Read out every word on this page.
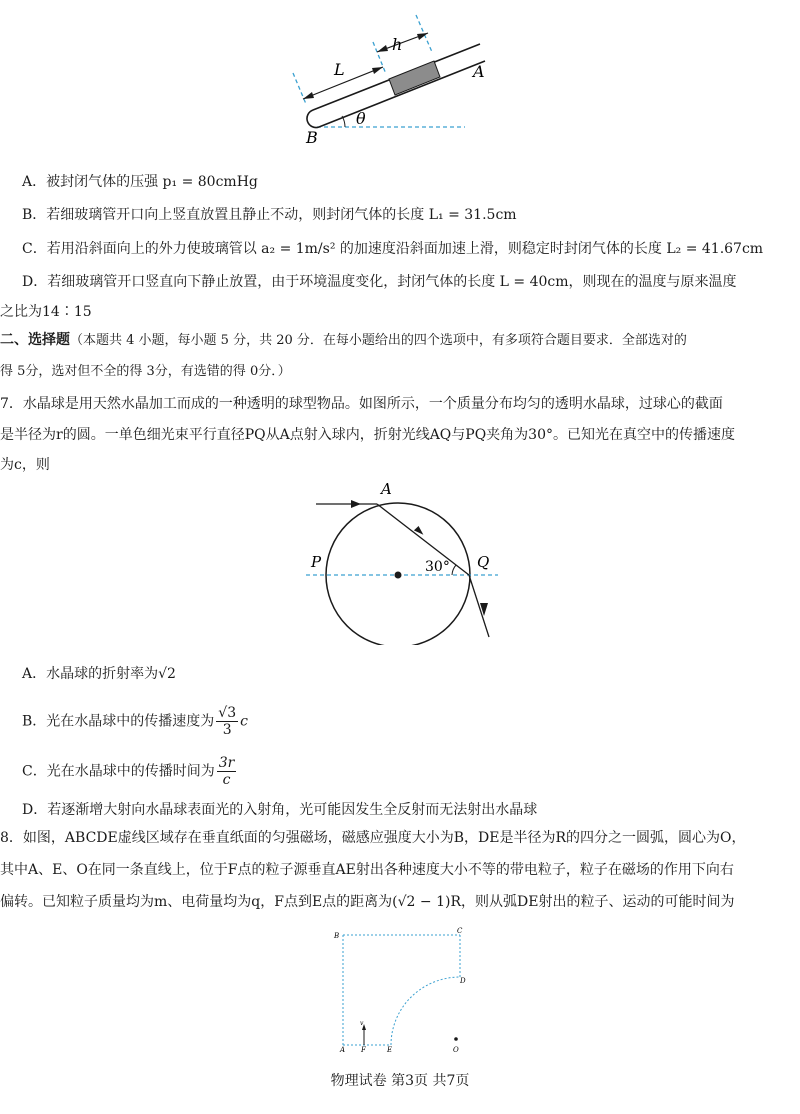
L
h
A
B
θ
A．被封闭气体的压强 p₁ = 80cmHg
B．若细玻璃管开口向上竖直放置且静止不动，则封闭气体的长度 L₁ = 31.5cm
C．若用沿斜面向上的外力使玻璃管以 a₂ = 1m/s² 的加速度沿斜面加速上滑，则稳定时封闭气体的长度 L₂ = 41.67cm
D．若细玻璃管开口竖直向下静止放置，由于环境温度变化，封闭气体的长度 L = 40cm，则现在的温度与原来温度
之比为14∶15
二、选择题（本题共 4 小题，每小题 5 分，共 20 分．在每小题给出的四个选项中，有多项符合题目要求．全部选对的
得 5分，选对但不全的得 3分，有选错的得 0分．）
7．水晶球是用天然水晶加工而成的一种透明的球型物品。如图所示，一个质量分布均匀的透明水晶球，过球心的截面
是半径为r的圆。一单色细光束平行直径PQ从A点射入球内，折射光线AQ与PQ夹角为30°。已知光在真空中的传播速度
为c，则
A
P	Q
30°
A．水晶球的折射率为√2
B．光在水晶球中的传播速度为 $\frac{√3}{3}$ c
C．光在水晶球中的传播时间为 $\frac{3r}{c}$
D．若逐渐增大射向水晶球表面光的入射角，光可能因发生全反射而无法射出水晶球
8．如图，ABCDE虚线区域存在垂直纸面的匀强磁场，磁感应强度大小为B，DE是半径为R的四分之一圆弧，圆心为O，
其中A、E、O在同一条直线上，位于F点的粒子源垂直AE射出各种速度大小不等的带电粒子，粒子在磁场的作用下向右
偏转。已知粒子质量均为m、电荷量均为q，F点到E点的距离为(√2 − 1)R，则从弧DE射出的粒子、运动的可能时间为
B
C
D
A F	E	O
v
物理试卷 第3页 共7页
